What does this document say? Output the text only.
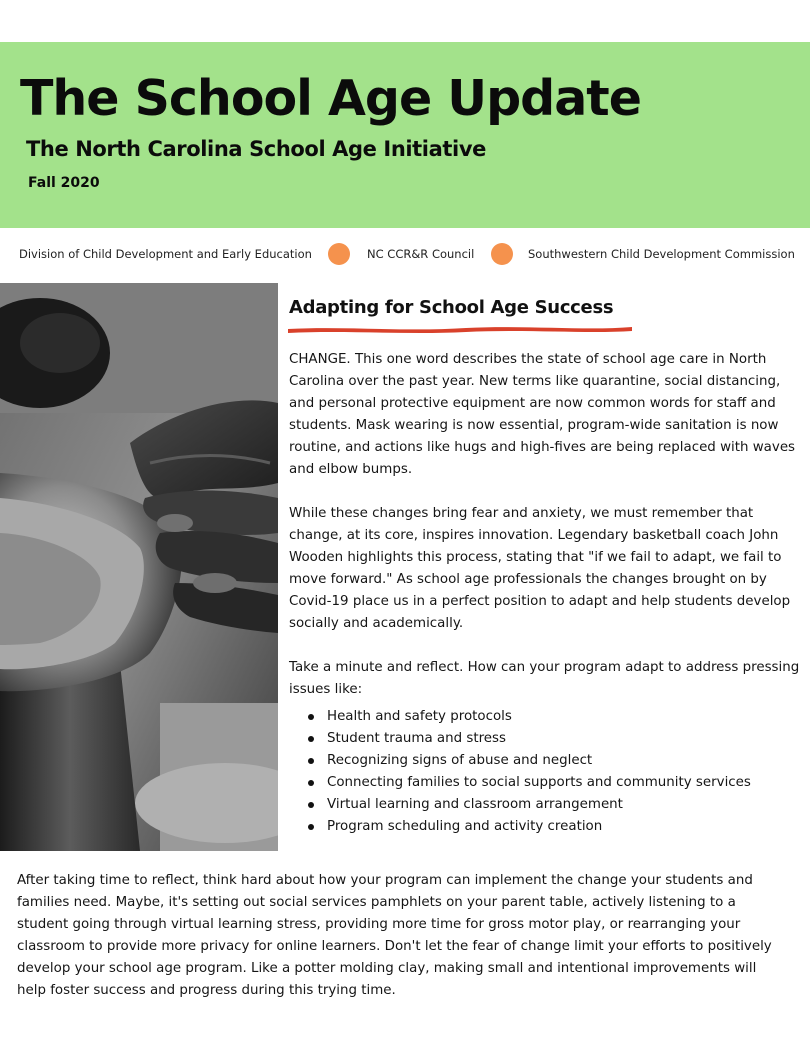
The School Age Update
The North Carolina School Age Initiative

Fall 2020

Division of Child Development and Early Education	NC CCR&R Council	Southwestern Child Development Commission
Adapting for School Age Success

CHANGE. This one word describes the state of school age care in North Carolina over the past year. New terms like quarantine, social distancing, and personal protective equipment are now common words for staff and students. Mask wearing is now essential, program-wide sanitation is now routine, and actions like hugs and high-fives are being replaced with waves and elbow bumps.

While these changes bring fear and anxiety, we must remember that change, at its core, inspires innovation. Legendary basketball coach John Wooden highlights this process, stating that "if we fail to adapt, we fail to move forward." As school age professionals the changes brought on by Covid-19 place us in a perfect position to adapt and help students develop socially and academically.

Take a minute and reflect. How can your program adapt to address pressing issues like:

Health and safety protocols
Student trauma and stress
Recognizing signs of abuse and neglect
Connecting families to social supports and community services
Virtual learning and classroom arrangement
Program scheduling and activity creation

After taking time to reflect, think hard about how your program can implement the change your students and families need. Maybe, it's setting out social services pamphlets on your parent table, actively listening to a student going through virtual learning stress, providing more time for gross motor play, or rearranging your classroom to provide more privacy for online learners. Don't let the fear of change limit your efforts to positively develop your school age program. Like a potter molding clay, making small and intentional improvements will help foster success and progress during this trying time.
